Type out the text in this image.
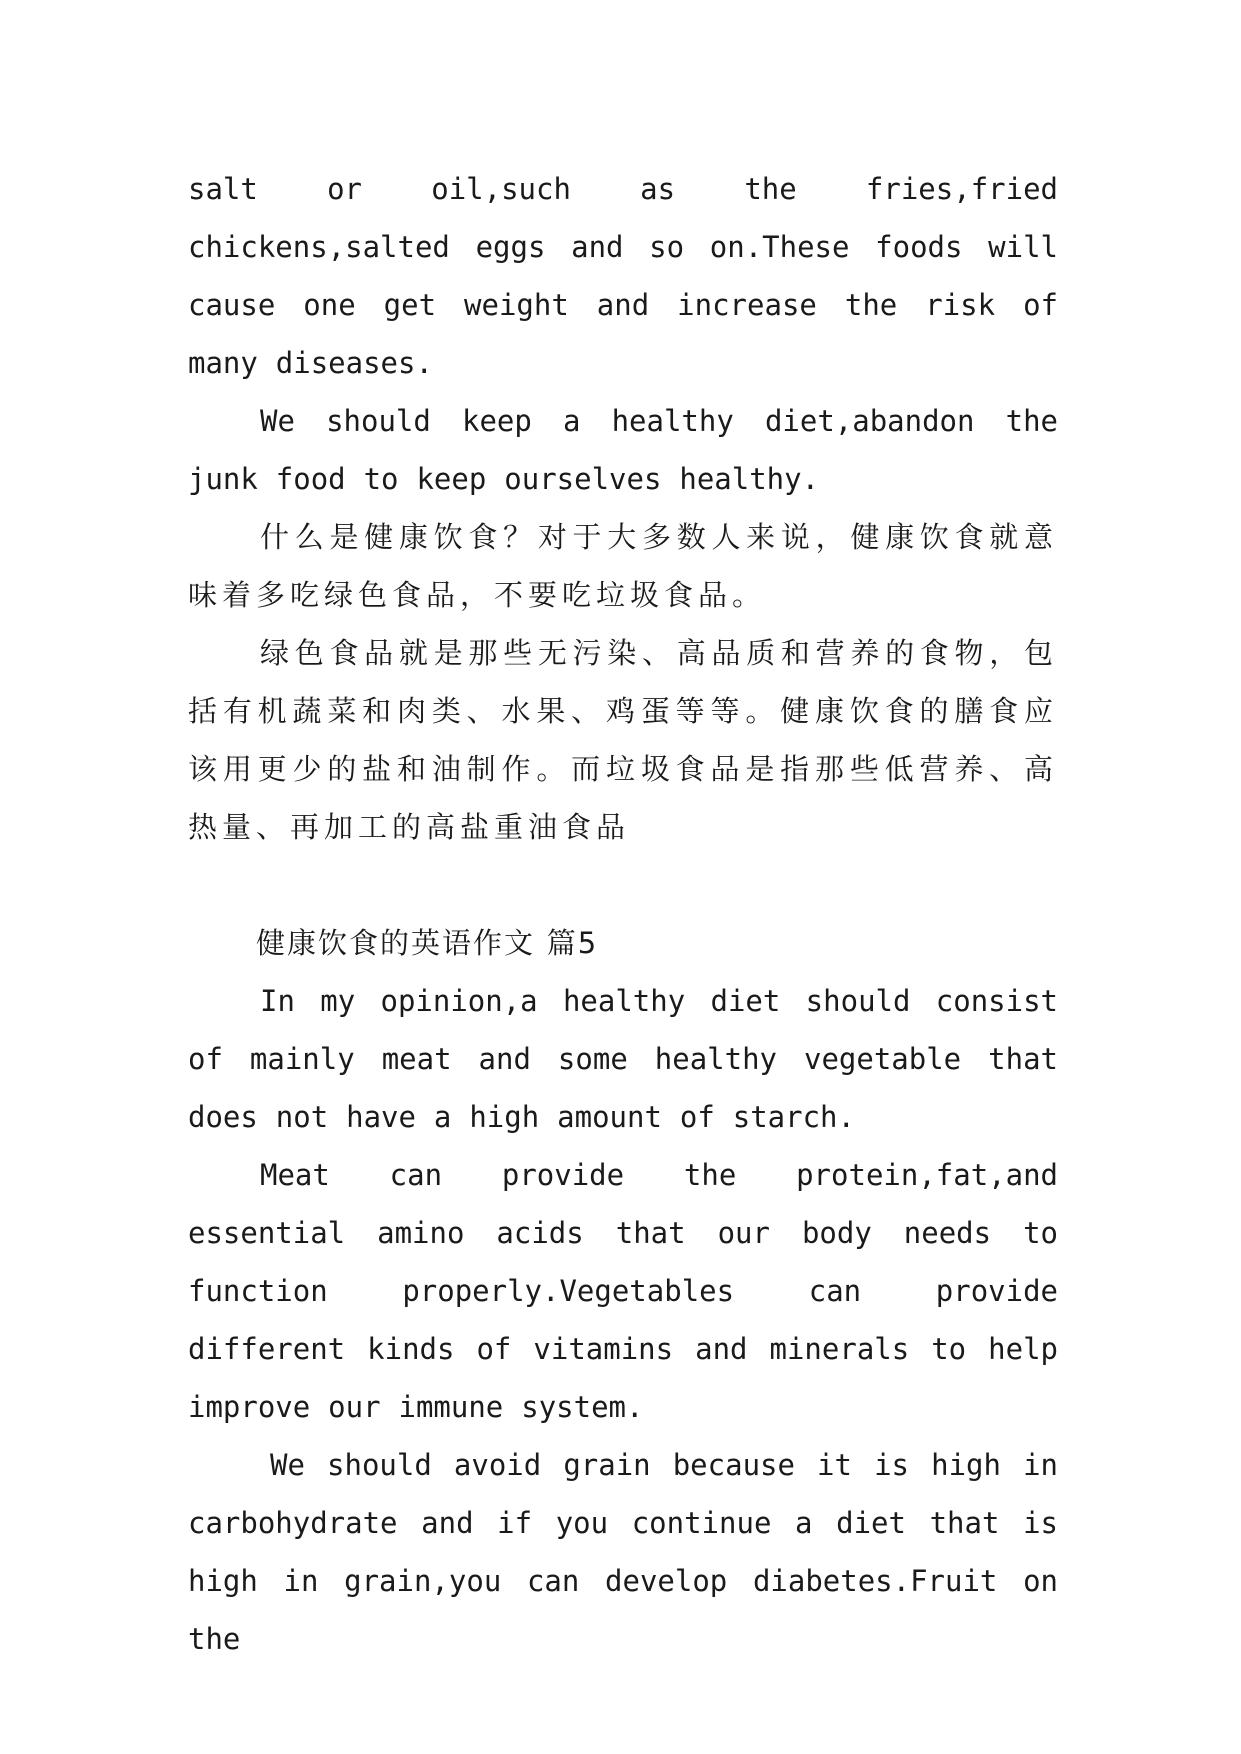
salt or oil,such as the fries,fried chickens,salted eggs and so on.These foods will cause one get weight and increase the risk of many diseases.

We should keep a healthy diet,abandon the junk food to keep ourselves healthy.

什么是健康饮食？对于大多数人来说，健康饮食就意味着多吃绿色食品，不要吃垃圾食品。

绿色食品就是那些无污染、高品质和营养的食物，包括有机蔬菜和肉类、水果、鸡蛋等等。健康饮食的膳食应该用更少的盐和油制作。而垃圾食品是指那些低营养、高热量、再加工的高盐重油食品

健康饮食的英语作文 篇5

In my opinion,a healthy diet should consist of mainly meat and some healthy vegetable that does not have a high amount of starch.

Meat can provide the protein,fat,and essential amino acids that our body needs to function properly.Vegetables can provide different kinds of vitamins and minerals to help improve our immune system.

We should avoid grain because it is high in carbohydrate and if you continue a diet that is high in grain,you can develop diabetes.Fruit on the
